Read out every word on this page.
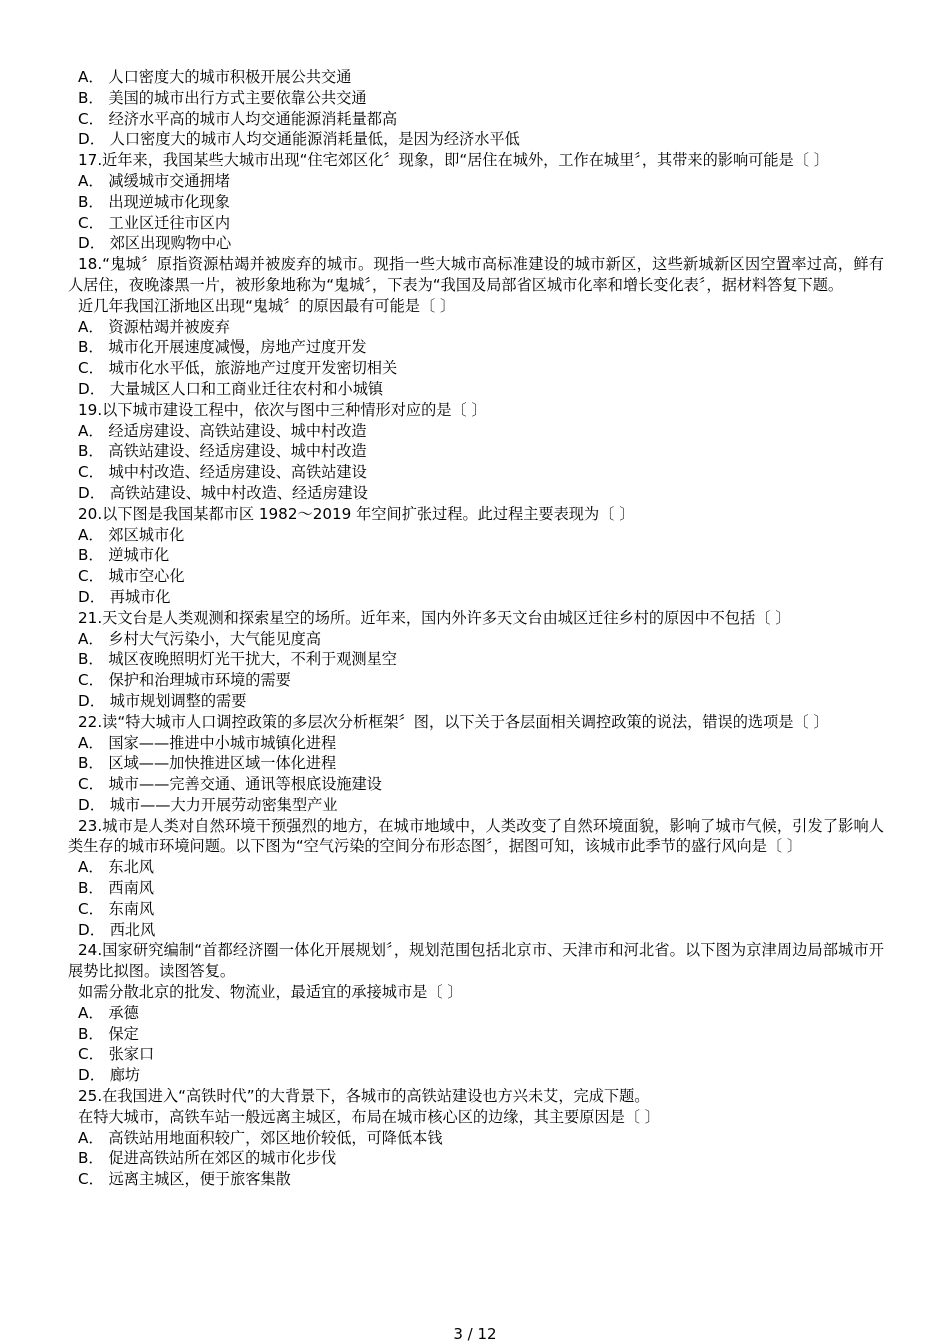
A． 人口密度大的城市积极开展公共交通
B． 美国的城市出行方式主要依靠公共交通
C． 经济水平高的城市人均交通能源消耗量都高
D． 人口密度大的城市人均交通能源消耗量低，是因为经济水平低
17.近年来，我国某些大城市出现“住宅郊区化〞现象，即“居住在城外，工作在城里〞，其带来的影响可能是〔 〕
A． 减缓城市交通拥堵
B． 出现逆城市化现象
C． 工业区迁往市区内
D． 郊区出现购物中心
18.“鬼城〞原指资源枯竭并被废弃的城市。现指一些大城市高标准建设的城市新区，这些新城新区因空置率过高，鲜有人居住，夜晚漆黑一片，被形象地称为“鬼城〞，下表为“我国及局部省区城市化率和增长变化表〞，据材料答复下题。
近几年我国江浙地区出现“鬼城〞的原因最有可能是〔 〕
A． 资源枯竭并被废弃
B． 城市化开展速度减慢，房地产过度开发
C． 城市化水平低，旅游地产过度开发密切相关
D． 大量城区人口和工商业迁往农村和小城镇
19.以下城市建设工程中，依次与图中三种情形对应的是〔 〕
A． 经适房建设、高铁站建设、城中村改造
B． 高铁站建设、经适房建设、城中村改造
C． 城中村改造、经适房建设、高铁站建设
D． 高铁站建设、城中村改造、经适房建设
20.以下图是我国某都市区 1982～2019 年空间扩张过程。此过程主要表现为〔 〕
A． 郊区城市化
B． 逆城市化
C． 城市空心化
D． 再城市化
21.天文台是人类观测和探索星空的场所。近年来，国内外许多天文台由城区迁往乡村的原因中不包括〔 〕
A． 乡村大气污染小，大气能见度高
B． 城区夜晚照明灯光干扰大，不利于观测星空
C． 保护和治理城市环境的需要
D． 城市规划调整的需要
22.读“特大城市人口调控政策的多层次分析框架〞图，以下关于各层面相关调控政策的说法，错误的选项是〔 〕
A． 国家——推进中小城市城镇化进程
B． 区域——加快推进区域一体化进程
C． 城市——完善交通、通讯等根底设施建设
D． 城市——大力开展劳动密集型产业
23.城市是人类对自然环境干预强烈的地方，在城市地域中，人类改变了自然环境面貌，影响了城市气候，引发了影响人类生存的城市环境问题。以下图为“空气污染的空间分布形态图〞，据图可知，该城市此季节的盛行风向是〔 〕
A． 东北风
B． 西南风
C． 东南风
D． 西北风
24.国家研究编制“首都经济圈一体化开展规划〞，规划范围包括北京市、天津市和河北省。以下图为京津周边局部城市开展势比拟图。读图答复。
如需分散北京的批发、物流业，最适宜的承接城市是〔 〕
A． 承德
B． 保定
C． 张家口
D． 廊坊
25.在我国进入“高铁时代”的大背景下，各城市的高铁站建设也方兴未艾，完成下题。
在特大城市，高铁车站一般远离主城区，布局在城市核心区的边缘，其主要原因是〔 〕
A． 高铁站用地面积较广，郊区地价较低，可降低本钱
B． 促进高铁站所在郊区的城市化步伐
C． 远离主城区，便于旅客集散
3 / 12
